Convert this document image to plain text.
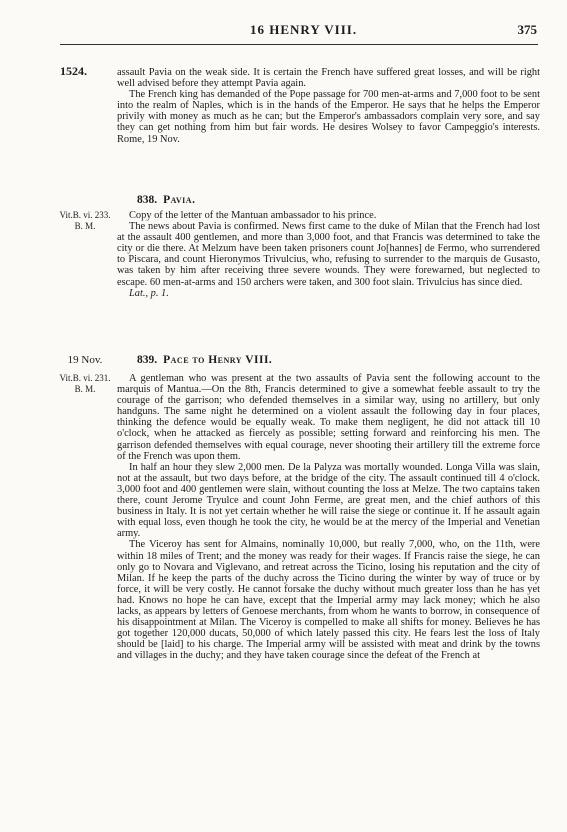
16 HENRY VIII.	375
1524.	assault Pavia on the weak side. It is certain the French have suffered great losses, and will be right well advised before they attempt Pavia again.

The French king has demanded of the Pope passage for 700 men-at-arms and 7,000 foot to be sent into the realm of Naples, which is in the hands of the Emperor. He says that he helps the Emperor privily with money as much as he can; but the Emperor's ambassadors complain very sore, and say they can get nothing from him but fair words. He desires Wolsey to favor Campeggio's interests. Rome, 19 Nov.

838. Pavia.
Vit.B. vi. 233.
B. M.

Copy of the letter of the Mantuan ambassador to his prince.

The news about Pavia is confirmed. News first came to the duke of Milan that the French had lost at the assault 400 gentlemen, and more than 3,000 foot, and that Francis was determined to take the city or die there. At Melzum have been taken prisoners count Jo[hannes] de Fermo, who surrendered to Piscara, and count Hieronymos Trivulcius, who, refusing to surrender to the marquis de Gusasto, was taken by him after receiving three severe wounds. They were forewarned, but neglected to escape. 60 men-at-arms and 150 archers were taken, and 300 foot slain. Trivulcius has since died.

Lat., p. 1.

19 Nov.	839. Pace to Henry VIII.
Vit.B. vi. 231.
B. M.

A gentleman who was present at the two assaults of Pavia sent the following account to the marquis of Mantua.—On the 8th, Francis determined to give a somewhat feeble assault to try the courage of the garrison; who defended themselves in a similar way, using no artillery, but only handguns. The same night he determined on a violent assault the following day in four places, thinking the defence would be equally weak. To make them negligent, he did not attack till 10 o'clock, when he attacked as fiercely as possible; setting forward and reinforcing his men. The garrison defended themselves with equal courage, never shooting their artillery till the extreme force of the French was upon them.

In half an hour they slew 2,000 men. De la Palyza was mortally wounded. Longa Villa was slain, not at the assault, but two days before, at the bridge of the city. The assault continued till 4 o'clock. 3,000 foot and 400 gentlemen were slain, without counting the loss at Melze. The two captains taken there, count Jerome Tryulce and count John Ferme, are great men, and the chief authors of this business in Italy. It is not yet certain whether he will raise the siege or continue it. If he assault again with equal loss, even though he took the city, he would be at the mercy of the Imperial and Venetian army.

The Viceroy has sent for Almains, nominally 10,000, but really 7,000, who, on the 11th, were within 18 miles of Trent; and the money was ready for their wages. If Francis raise the siege, he can only go to Novara and Viglevano, and retreat across the Ticino, losing his reputation and the city of Milan. If he keep the parts of the duchy across the Ticino during the winter by way of truce or by force, it will be very costly. He cannot forsake the duchy without much greater loss than he has yet had. Knows no hope he can have, except that the Imperial army may lack money; which he also lacks, as appears by letters of Genoese merchants, from whom he wants to borrow, in consequence of his disappointment at Milan. The Viceroy is compelled to make all shifts for money. Believes he has got together 120,000 ducats, 50,000 of which lately passed this city. He fears lest the loss of Italy should be [laid] to his charge. The Imperial army will be assisted with meat and drink by the towns and villages in the duchy; and they have taken courage since the defeat of the French at
